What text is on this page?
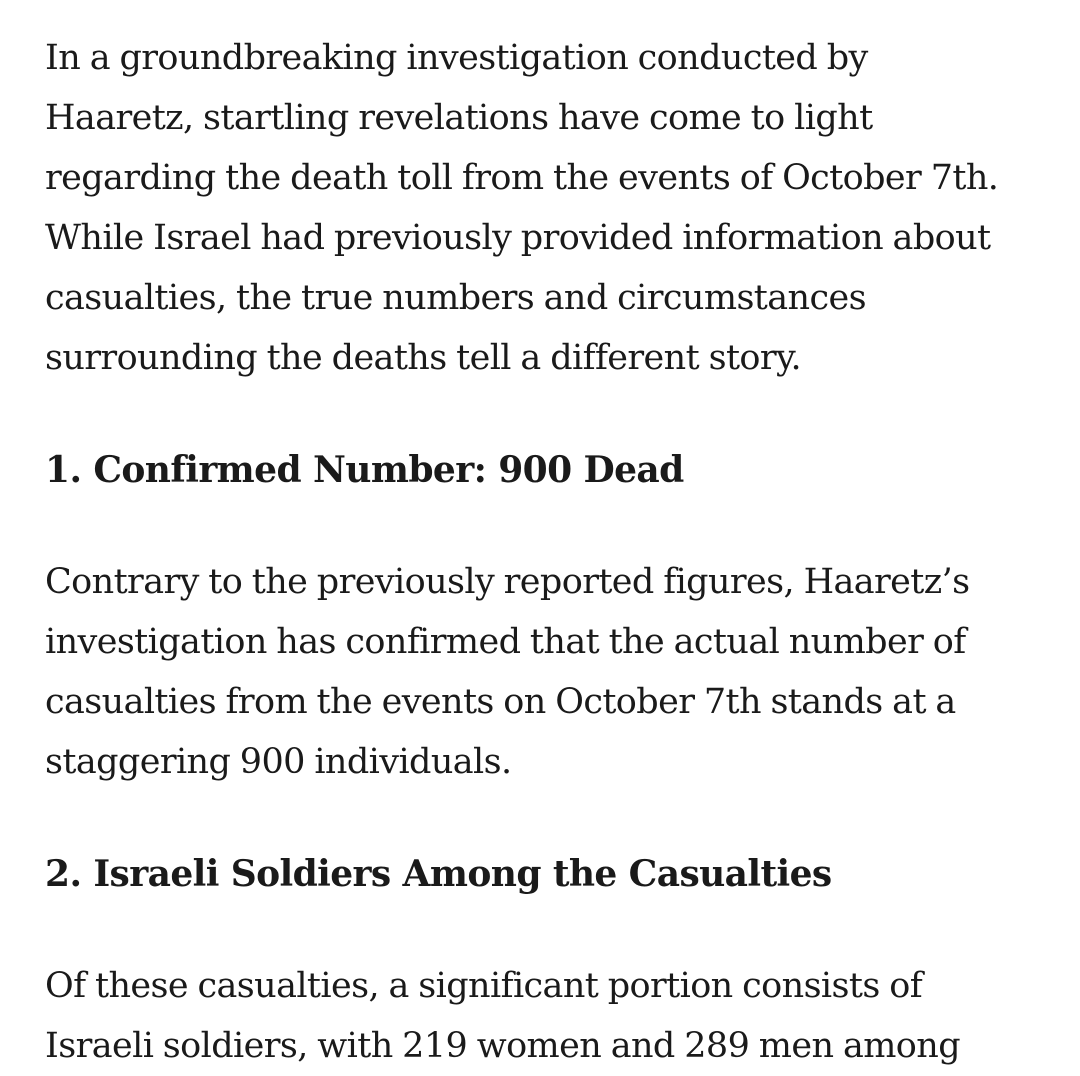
In a groundbreaking investigation conducted by
Haaretz, startling revelations have come to light
regarding the death toll from the events of October 7th.
While Israel had previously provided information about
casualties, the true numbers and circumstances
surrounding the deaths tell a different story.

1. Confirmed Number: 900 Dead

Contrary to the previously reported figures, Haaretz’s
investigation has confirmed that the actual number of
casualties from the events on October 7th stands at a
staggering 900 individuals.

2. Israeli Soldiers Among the Casualties

Of these casualties, a significant portion consists of
Israeli soldiers, with 219 women and 289 men among
